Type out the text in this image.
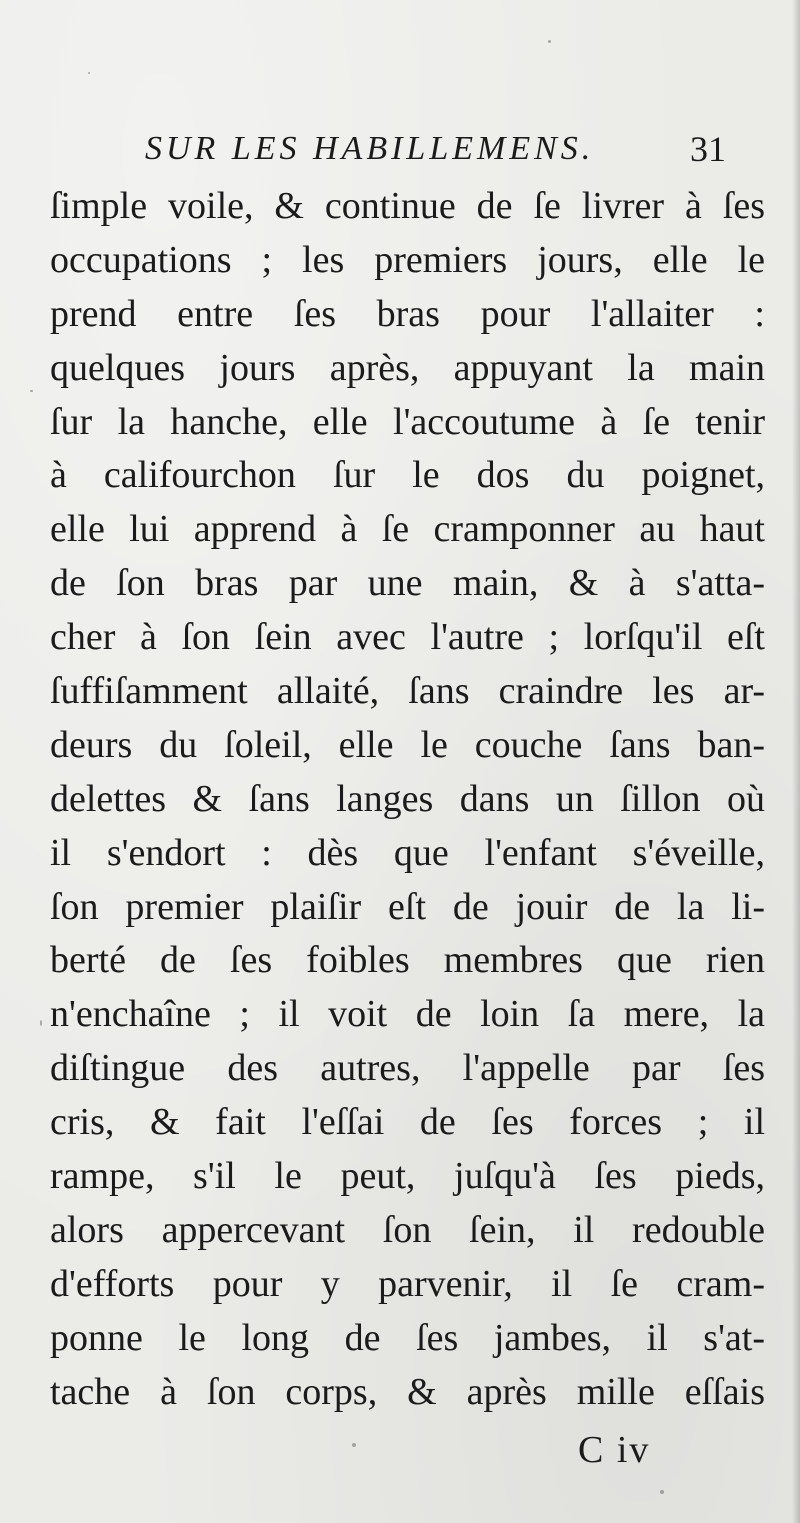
SUR LES HABILLEMENS.	31
ſimple voile, & continue de ſe livrer à ſes
occupations ; les premiers jours, elle le
prend entre ſes bras pour l'allaiter :
quelques jours après, appuyant la main
ſur la hanche, elle l'accoutume à ſe tenir
à califourchon ſur le dos du poignet,
elle lui apprend à ſe cramponner au haut
de ſon bras par une main, & à s'atta-
cher à ſon ſein avec l'autre ; lorſqu'il eſt
ſuffiſamment allaité, ſans craindre les ar-
deurs du ſoleil, elle le couche ſans ban-
delettes & ſans langes dans un ſillon où
il s'endort : dès que l'enfant s'éveille,
ſon premier plaiſir eſt de jouir de la li-
berté de ſes foibles membres que rien
n'enchaîne ; il voit de loin ſa mere, la
diſtingue des autres, l'appelle par ſes
cris, & fait l'eſſai de ſes forces ; il
rampe, s'il le peut, juſqu'à ſes pieds,
alors appercevant ſon ſein, il redouble
d'efforts pour y parvenir, il ſe cram-
ponne le long de ſes jambes, il s'at-
tache à ſon corps, & après mille eſſais
C iv
